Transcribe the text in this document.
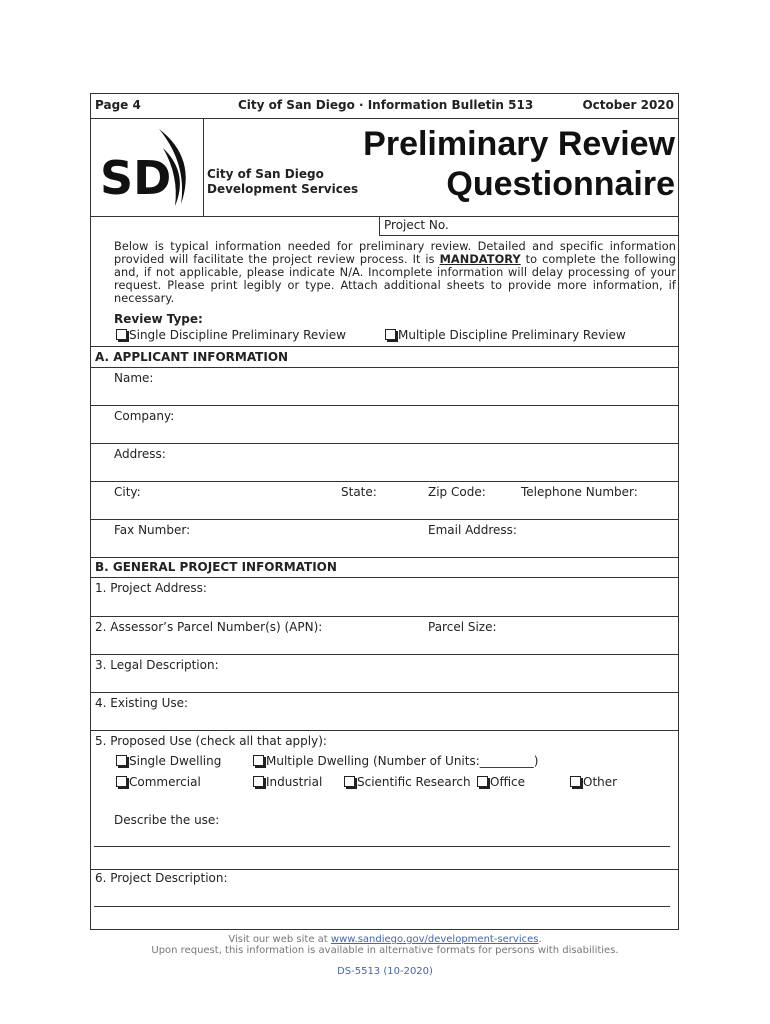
Page 4	City of San Diego · Information Bulletin 513	October 2020
SD	City of San Diego
Development Services
Preliminary Review
Questionnaire
Project No.
Below is typical information needed for preliminary review. Detailed and specific information provided will facilitate the project review process. It is MANDATORY to complete the following and, if not applicable, please indicate N/A. Incomplete information will delay processing of your request. Please print legibly or type. Attach additional sheets to provide more information, if necessary.
Review Type:
Single Discipline Preliminary Review	Multiple Discipline Preliminary Review
A. APPLICANT INFORMATION
Name:
Company:
Address:
City:	State:	Zip Code:	Telephone Number:
Fax Number:	Email Address:
B. GENERAL PROJECT INFORMATION
1. Project Address:
2. Assessor’s Parcel Number(s) (APN):	Parcel Size:
3. Legal Description:
4. Existing Use:
5. Proposed Use (check all that apply):
Single Dwelling	Multiple Dwelling (Number of Units:_________)
Commercial	Industrial	Scientific Research	Office	Other
Describe the use:
6. Project Description:
Visit our web site at www.sandiego.gov/development-services.
Upon request, this information is available in alternative formats for persons with disabilities.
DS-5513 (10-2020)
